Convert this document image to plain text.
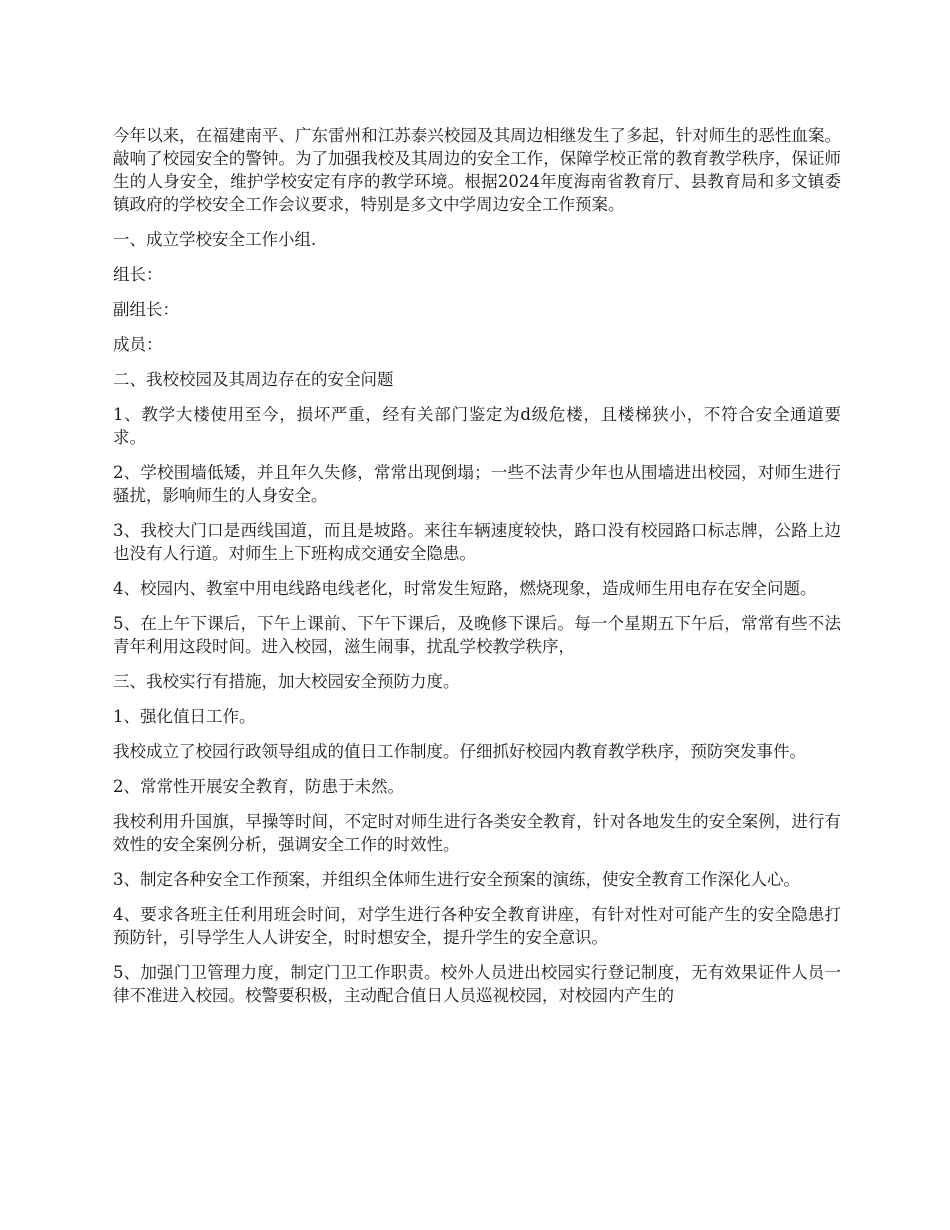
今年以来，在福建南平、广东雷州和江苏泰兴校园及其周边相继发生了多起，针对师生的恶性血案。敲响了校园安全的警钟。为了加强我校及其周边的安全工作，保障学校正常的教育教学秩序，保证师生的人身安全，维护学校安定有序的教学环境。根据2024年度海南省教育厅、县教育局和多文镇委镇政府的学校安全工作会议要求，特别是多文中学周边安全工作预案。

一、成立学校安全工作小组.

组长：

副组长：

成员：

二、我校校园及其周边存在的安全问题

1、教学大楼使用至今，损坏严重，经有关部门鉴定为d级危楼，且楼梯狭小，不符合安全通道要求。

2、学校围墙低矮，并且年久失修，常常出现倒塌；一些不法青少年也从围墙进出校园，对师生进行骚扰，影响师生的人身安全。

3、我校大门口是西线国道，而且是坡路。来往车辆速度较快，路口没有校园路口标志牌，公路上边也没有人行道。对师生上下班构成交通安全隐患。

4、校园内、教室中用电线路电线老化，时常发生短路，燃烧现象，造成师生用电存在安全问题。

5、在上午下课后，下午上课前、下午下课后，及晚修下课后。每一个星期五下午后，常常有些不法青年利用这段时间。进入校园，滋生闹事，扰乱学校教学秩序，

三、我校实行有措施，加大校园安全预防力度。

1、强化值日工作。

我校成立了校园行政领导组成的值日工作制度。仔细抓好校园内教育教学秩序，预防突发事件。

2、常常性开展安全教育，防患于未然。

我校利用升国旗，早操等时间，不定时对师生进行各类安全教育，针对各地发生的安全案例，进行有效性的安全案例分析，强调安全工作的时效性。

3、制定各种安全工作预案，并组织全体师生进行安全预案的演练，使安全教育工作深化人心。

4、要求各班主任利用班会时间，对学生进行各种安全教育讲座，有针对性对可能产生的安全隐患打预防针，引导学生人人讲安全，时时想安全，提升学生的安全意识。

5、加强门卫管理力度，制定门卫工作职责。校外人员进出校园实行登记制度，无有效果证件人员一律不准进入校园。校警要积极，主动配合值日人员巡视校园，对校园内产生的
